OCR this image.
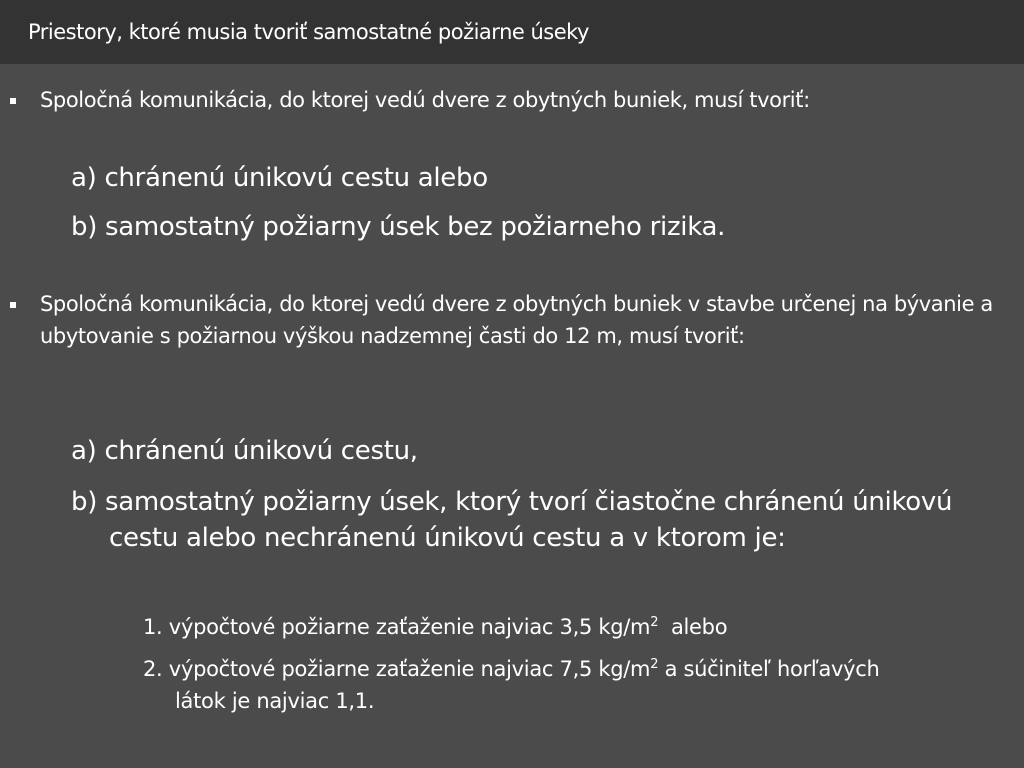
Priestory, ktoré musia tvoriť samostatné požiarne úseky
Spoločná komunikácia, do ktorej vedú dvere z obytných buniek, musí tvoriť:
a) chránenú únikovú cestu alebo
b) samostatný požiarny úsek bez požiarneho rizika.
Spoločná komunikácia, do ktorej vedú dvere z obytných buniek v stavbe určenej na bývanie a ubytovanie s požiarnou výškou nadzemnej časti do 12 m, musí tvoriť:
a) chránenú únikovú cestu,
b) samostatný požiarny úsek, ktorý tvorí čiastočne chránenú únikovú cestu alebo nechránenú únikovú cestu a v ktorom je:
1. výpočtové požiarne zaťaženie najviac 3,5 $kg/m^2$  alebo
2. výpočtové požiarne zaťaženie najviac 7,5 $kg/m^2$ a súčiniteľ horľavých látok je najviac 1,1.
